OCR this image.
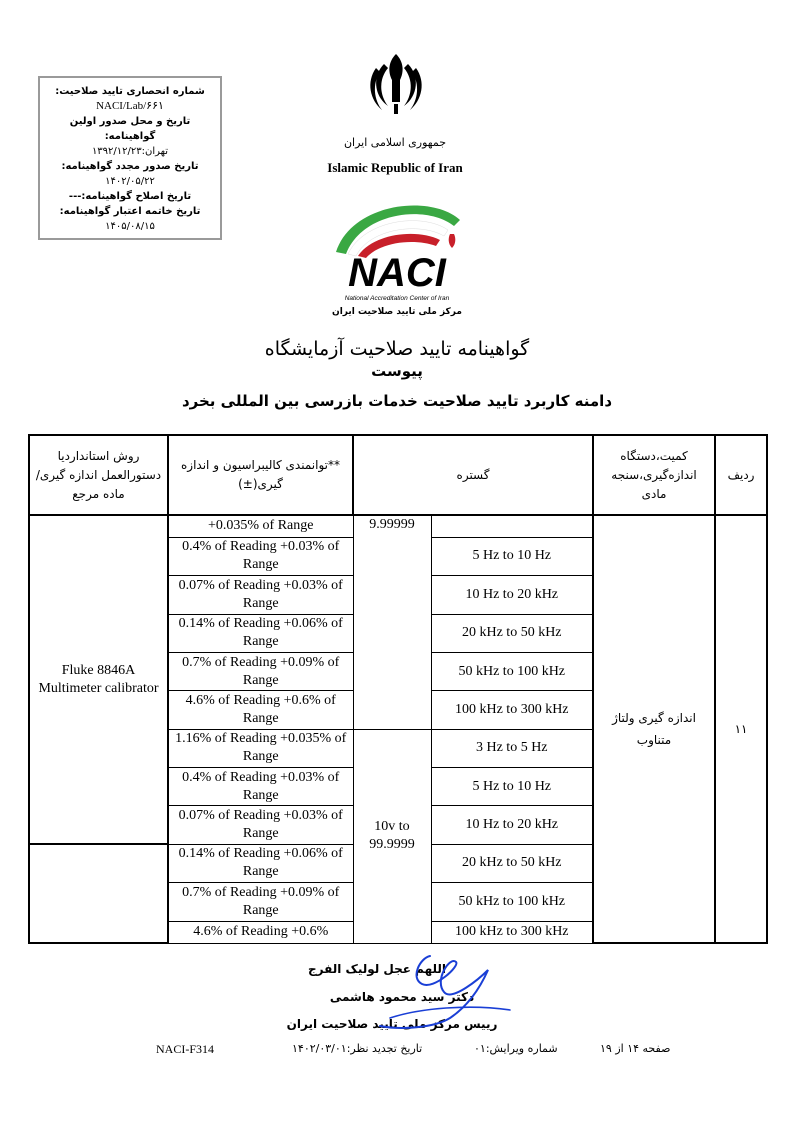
شماره انحصاری تایید صلاحیت:
NACI/Lab/۶۶۱
تاریخ و محل صدور اولین گواهینامه:
تهران:۱۳۹۲/۱۲/۲۳
تاریخ صدور مجدد گواهینامه:
۱۴۰۲/۰۵/۲۲
تاریخ اصلاح گواهینامه:---
تاریخ خاتمه اعتبار گواهینامه:
۱۴۰۵/۰۸/۱۵
جمهوری اسلامی ایران
Islamic Republic of Iran
NACI
National Accreditation Center of Iran
مرکز ملی تایید صلاحیت ایران
گواهینامه تایید صلاحیت آزمایشگاه
پیوست
دامنه کاربرد تایید صلاحیت خدمات بازرسی بین المللی بخرد
روش استانداردیا دستورالعمل اندازه گیری/ماده مرجع	**توانمندی کالیبراسیون و اندازه گیری(±)	گستره		کمیت،دستگاه اندازه‌گیری،سنجه مادی	ردیف
Fluke 8846A Multimeter calibrator	+0.035% of Range	9.99999		اندازه گیری ولتاژ متناوب	۱۱
	0.4% of Reading +0.03% of Range		5 Hz to 10 Hz		
	0.07% of Reading +0.03% of Range		10 Hz to 20 kHz		
	0.14% of Reading +0.06% of Range		20 kHz to 50 kHz		
	0.7% of Reading +0.09% of Range		50 kHz to 100 kHz		
	4.6% of Reading +0.6% of Range		100 kHz to 300 kHz		
	1.16% of Reading +0.035% of Range	10v to 99.9999	3 Hz to 5 Hz		
	0.4% of Reading +0.03% of Range		5 Hz to 10 Hz		
	0.07% of Reading +0.03% of Range		10 Hz to 20 kHz		
	0.14% of Reading +0.06% of Range		20 kHz to 50 kHz		
	0.7% of Reading +0.09% of Range		50 kHz to 100 kHz		
	4.6% of Reading +0.6%		100 kHz to 300 kHz		
اللهم عجل لولیک الفرج
دکتر سید محمود هاشمی
رییس مرکز ملی تایید صلاحیت ایران
NACI-F314	تاریخ تجدید نظر:۱۴۰۲/۰۳/۰۱	شماره ویرایش:۰۱	صفحه ۱۴ از ۱۹
